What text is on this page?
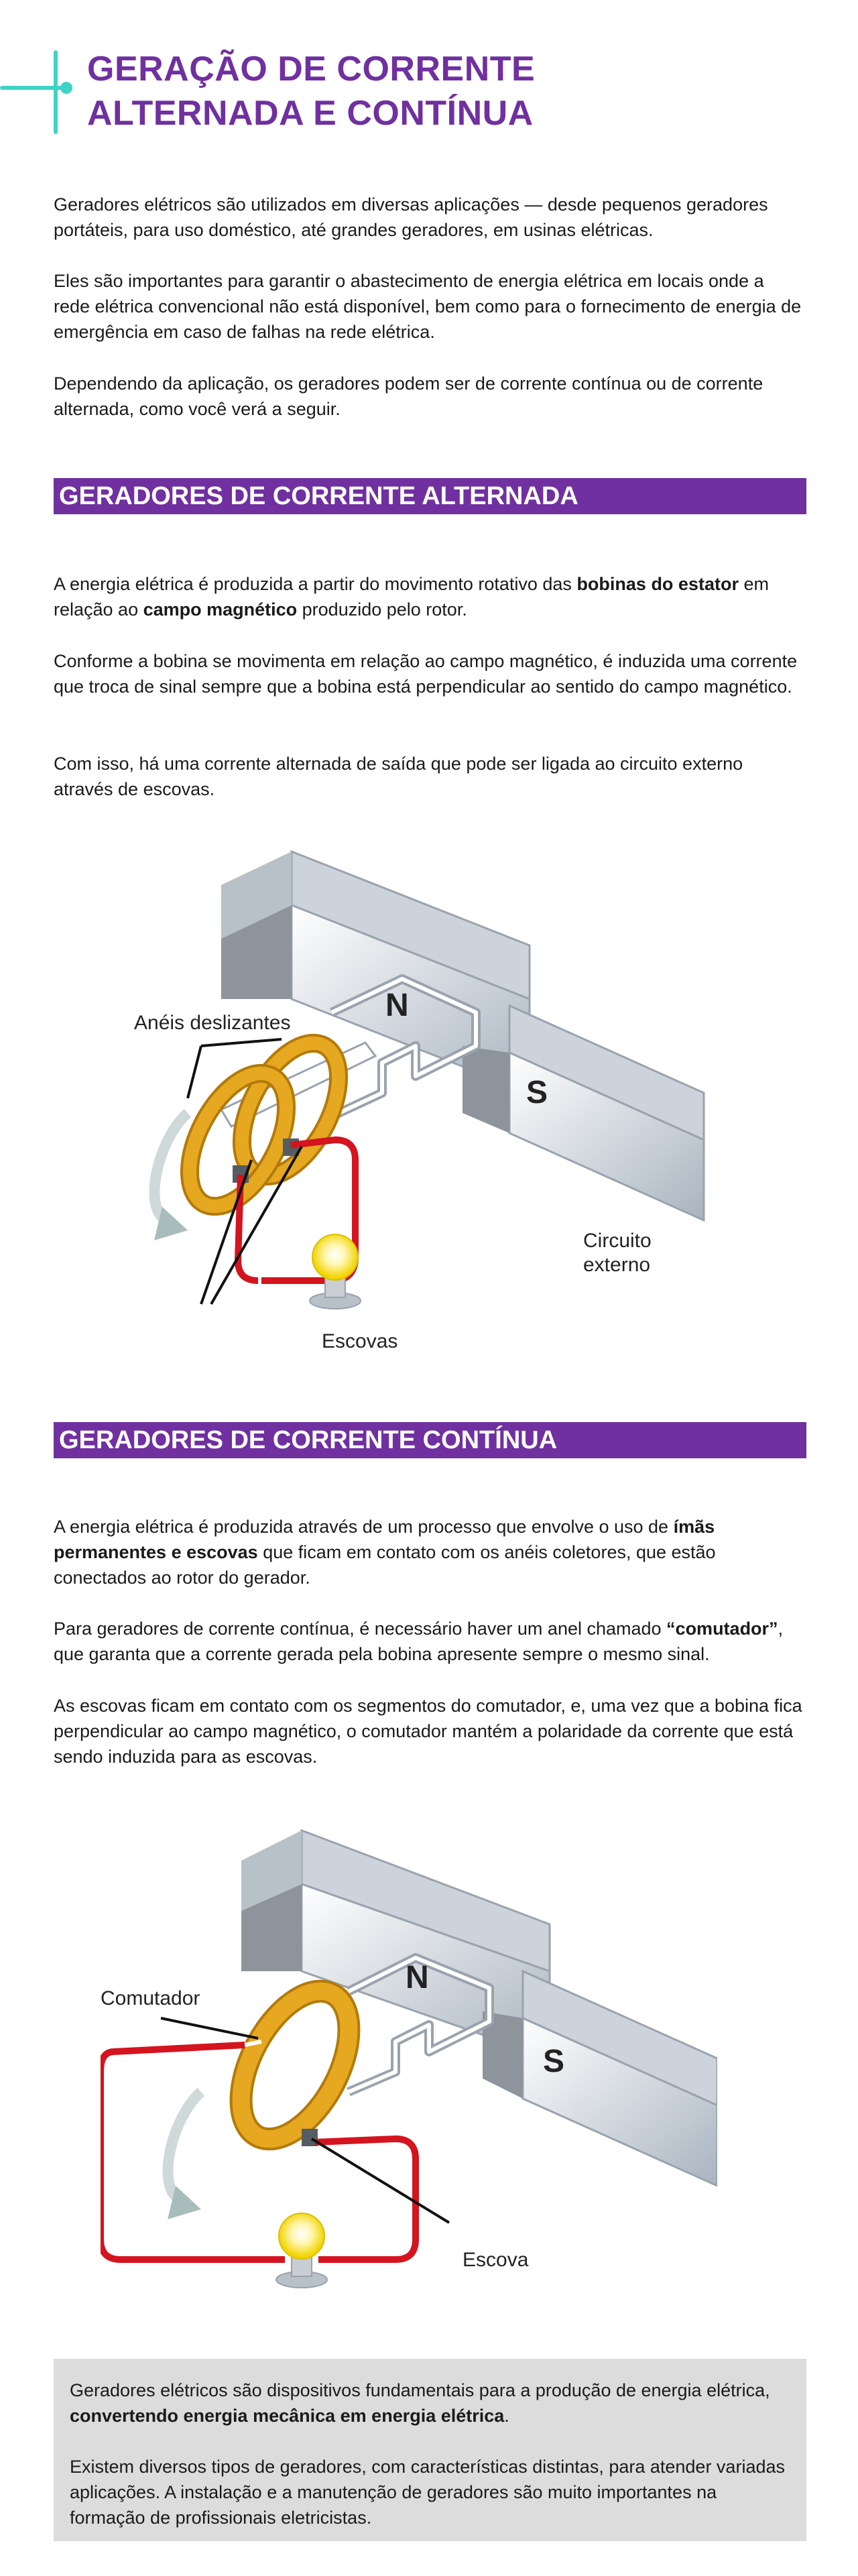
GERAÇÃO DE CORRENTE
ALTERNADA E CONTÍNUA

Geradores elétricos são utilizados em diversas aplicações — desde pequenos geradores portáteis, para uso doméstico, até grandes geradores, em usinas elétricas.

Eles são importantes para garantir o abastecimento de energia elétrica em locais onde a rede elétrica convencional não está disponível, bem como para o fornecimento de energia de emergência em caso de falhas na rede elétrica.

Dependendo da aplicação, os geradores podem ser de corrente contínua ou de corrente alternada, como você verá a seguir.

GERADORES DE CORRENTE ALTERNADA

A energia elétrica é produzida a partir do movimento rotativo das bobinas do estator em relação ao campo magnético produzido pelo rotor.

Conforme a bobina se movimenta em relação ao campo magnético, é induzida uma corrente que troca de sinal sempre que a bobina está perpendicular ao sentido do campo magnético.

Com isso, há uma corrente alternada de saída que pode ser ligada ao circuito externo através de escovas.

N
S
Anéis deslizantes
Circuito
externo
Escovas
GERADORES DE CORRENTE CONTÍNUA

A energia elétrica é produzida através de um processo que envolve o uso de ímãs permanentes e escovas que ficam em contato com os anéis coletores, que estão conectados ao rotor do gerador.

Para geradores de corrente contínua, é necessário haver um anel chamado “comutador”, que garanta que a corrente gerada pela bobina apresente sempre o mesmo sinal.

As escovas ficam em contato com os segmentos do comutador, e, uma vez que a bobina fica perpendicular ao campo magnético, o comutador mantém a polaridade da corrente que está sendo induzida para as escovas.

N
S
Comutador
Escova

Geradores elétricos são dispositivos fundamentais para a produção de energia elétrica, convertendo energia mecânica em energia elétrica.

Existem diversos tipos de geradores, com características distintas, para atender variadas aplicações. A instalação e a manutenção de geradores são muito importantes na formação de profissionais eletricistas.
